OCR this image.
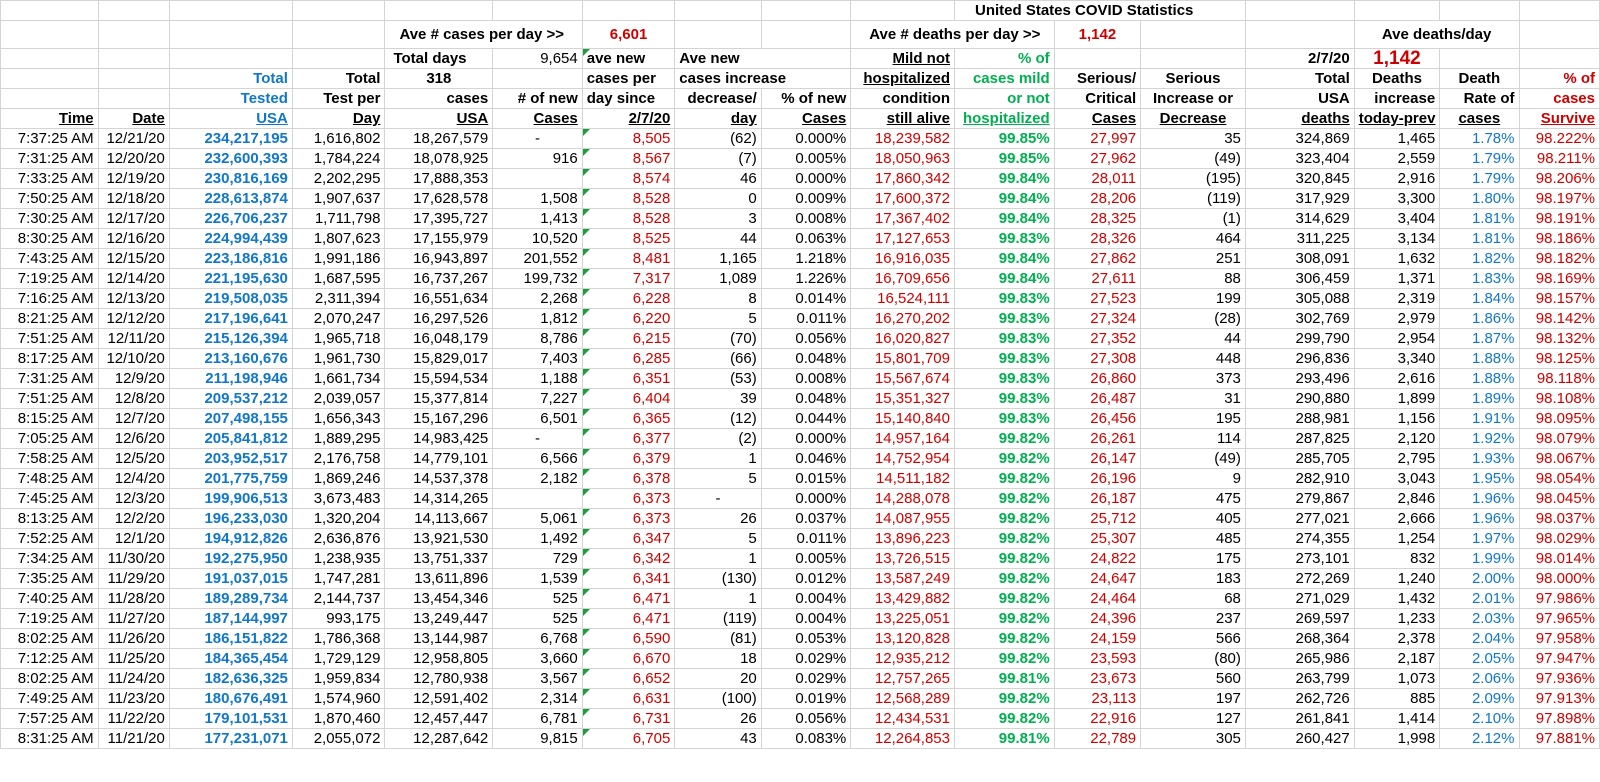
										United States COVID Statistics						
				Ave # cases per day >>		6,601			Ave # deaths per day >>		1,142			Ave deaths/day		
				Total days	9,654	ave new	Ave new		Mild not	% of			2/7/20	1,142		
		Total	Total	318		cases per	cases increase		hospitalized	cases mild	Serious/	Serious	Total	Deaths	Death	% of
		Tested	Test per	cases	# of new	day since	decrease/	% of new	condition	or not	Critical	Increase or	USA	increase	Rate of	cases
Time	Date	USA	Day	USA	Cases	2/7/20	day	Cases	still alive	hospitalized	Cases	Decrease	deaths	today-prev	cases	Survive
7:37:25 AM	12/21/20	234,217,195	1,616,802	18,267,579	-	8,505	(62)	0.000%	18,239,582	99.85%	27,997	35	324,869	1,465	1.78%	98.222%
7:31:25 AM	12/20/20	232,600,393	1,784,224	18,078,925	916	8,567	(7)	0.005%	18,050,963	99.85%	27,962	(49)	323,404	2,559	1.79%	98.211%
7:33:25 AM	12/19/20	230,816,169	2,202,295	17,888,353		8,574	46	0.000%	17,860,342	99.84%	28,011	(195)	320,845	2,916	1.79%	98.206%
7:50:25 AM	12/18/20	228,613,874	1,907,637	17,628,578	1,508	8,528	0	0.009%	17,600,372	99.84%	28,206	(119)	317,929	3,300	1.80%	98.197%
7:30:25 AM	12/17/20	226,706,237	1,711,798	17,395,727	1,413	8,528	3	0.008%	17,367,402	99.84%	28,325	(1)	314,629	3,404	1.81%	98.191%
8:30:25 AM	12/16/20	224,994,439	1,807,623	17,155,979	10,520	8,525	44	0.063%	17,127,653	99.83%	28,326	464	311,225	3,134	1.81%	98.186%
7:43:25 AM	12/15/20	223,186,816	1,991,186	16,943,897	201,552	8,481	1,165	1.218%	16,916,035	99.84%	27,862	251	308,091	1,632	1.82%	98.182%
7:19:25 AM	12/14/20	221,195,630	1,687,595	16,737,267	199,732	7,317	1,089	1.226%	16,709,656	99.84%	27,611	88	306,459	1,371	1.83%	98.169%
7:16:25 AM	12/13/20	219,508,035	2,311,394	16,551,634	2,268	6,228	8	0.014%	16,524,111	99.83%	27,523	199	305,088	2,319	1.84%	98.157%
8:21:25 AM	12/12/20	217,196,641	2,070,247	16,297,526	1,812	6,220	5	0.011%	16,270,202	99.83%	27,324	(28)	302,769	2,979	1.86%	98.142%
7:51:25 AM	12/11/20	215,126,394	1,965,718	16,048,179	8,786	6,215	(70)	0.056%	16,020,827	99.83%	27,352	44	299,790	2,954	1.87%	98.132%
8:17:25 AM	12/10/20	213,160,676	1,961,730	15,829,017	7,403	6,285	(66)	0.048%	15,801,709	99.83%	27,308	448	296,836	3,340	1.88%	98.125%
7:31:25 AM	12/9/20	211,198,946	1,661,734	15,594,534	1,188	6,351	(53)	0.008%	15,567,674	99.83%	26,860	373	293,496	2,616	1.88%	98.118%
7:51:25 AM	12/8/20	209,537,212	2,039,057	15,377,814	7,227	6,404	39	0.048%	15,351,327	99.83%	26,487	31	290,880	1,899	1.89%	98.108%
8:15:25 AM	12/7/20	207,498,155	1,656,343	15,167,296	6,501	6,365	(12)	0.044%	15,140,840	99.83%	26,456	195	288,981	1,156	1.91%	98.095%
7:05:25 AM	12/6/20	205,841,812	1,889,295	14,983,425	-	6,377	(2)	0.000%	14,957,164	99.82%	26,261	114	287,825	2,120	1.92%	98.079%
7:58:25 AM	12/5/20	203,952,517	2,176,758	14,779,101	6,566	6,379	1	0.046%	14,752,954	99.82%	26,147	(49)	285,705	2,795	1.93%	98.067%
7:48:25 AM	12/4/20	201,775,759	1,869,246	14,537,378	2,182	6,378	5	0.015%	14,511,182	99.82%	26,196	9	282,910	3,043	1.95%	98.054%
7:45:25 AM	12/3/20	199,906,513	3,673,483	14,314,265		6,373	-	0.000%	14,288,078	99.82%	26,187	475	279,867	2,846	1.96%	98.045%
8:13:25 AM	12/2/20	196,233,030	1,320,204	14,113,667	5,061	6,373	26	0.037%	14,087,955	99.82%	25,712	405	277,021	2,666	1.96%	98.037%
7:52:25 AM	12/1/20	194,912,826	2,636,876	13,921,530	1,492	6,347	5	0.011%	13,896,223	99.82%	25,307	485	274,355	1,254	1.97%	98.029%
7:34:25 AM	11/30/20	192,275,950	1,238,935	13,751,337	729	6,342	1	0.005%	13,726,515	99.82%	24,822	175	273,101	832	1.99%	98.014%
7:35:25 AM	11/29/20	191,037,015	1,747,281	13,611,896	1,539	6,341	(130)	0.012%	13,587,249	99.82%	24,647	183	272,269	1,240	2.00%	98.000%
7:40:25 AM	11/28/20	189,289,734	2,144,737	13,454,346	525	6,471	1	0.004%	13,429,882	99.82%	24,464	68	271,029	1,432	2.01%	97.986%
7:19:25 AM	11/27/20	187,144,997	993,175	13,249,447	525	6,471	(119)	0.004%	13,225,051	99.82%	24,396	237	269,597	1,233	2.03%	97.965%
8:02:25 AM	11/26/20	186,151,822	1,786,368	13,144,987	6,768	6,590	(81)	0.053%	13,120,828	99.82%	24,159	566	268,364	2,378	2.04%	97.958%
7:12:25 AM	11/25/20	184,365,454	1,729,129	12,958,805	3,660	6,670	18	0.029%	12,935,212	99.82%	23,593	(80)	265,986	2,187	2.05%	97.947%
8:02:25 AM	11/24/20	182,636,325	1,959,834	12,780,938	3,567	6,652	20	0.029%	12,757,265	99.81%	23,673	560	263,799	1,073	2.06%	97.936%
7:49:25 AM	11/23/20	180,676,491	1,574,960	12,591,402	2,314	6,631	(100)	0.019%	12,568,289	99.82%	23,113	197	262,726	885	2.09%	97.913%
7:57:25 AM	11/22/20	179,101,531	1,870,460	12,457,447	6,781	6,731	26	0.056%	12,434,531	99.82%	22,916	127	261,841	1,414	2.10%	97.898%
8:31:25 AM	11/21/20	177,231,071	2,055,072	12,287,642	9,815	6,705	43	0.083%	12,264,853	99.81%	22,789	305	260,427	1,998	2.12%	97.881%
